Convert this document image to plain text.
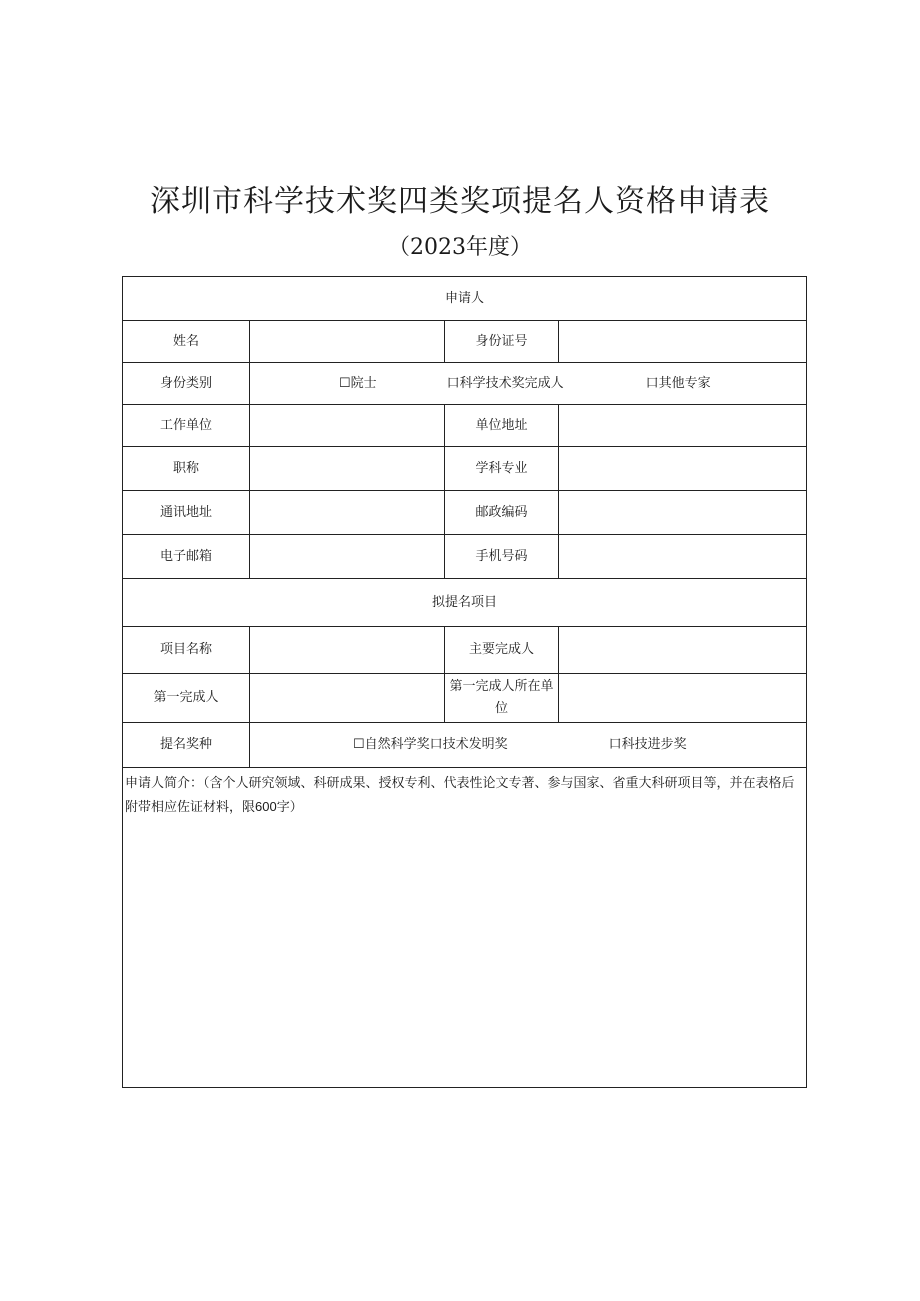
深圳市科学技术奖四类奖项提名人资格申请表
（2023年度）
申请人			
姓名		身份证号	
身份类别	☐院士 口科学技术奖完成人 口其他专家		

工作单位		单位地址	
职称		学科专业	
通讯地址		邮政编码	
电子邮箱		手机号码	
拟提名项目			
项目名称		主要完成人	
第一完成人		第一完成人所在单位	
提名奖种	☐自然科学奖 口技术发明奖 口科技进步奖		

申请人简介：（含个人研究领域、科研成果、授权专利、代表性论文专著、参与国家、省重大科研项目等，并在表格后附带相应佐证材料，限600字）			
